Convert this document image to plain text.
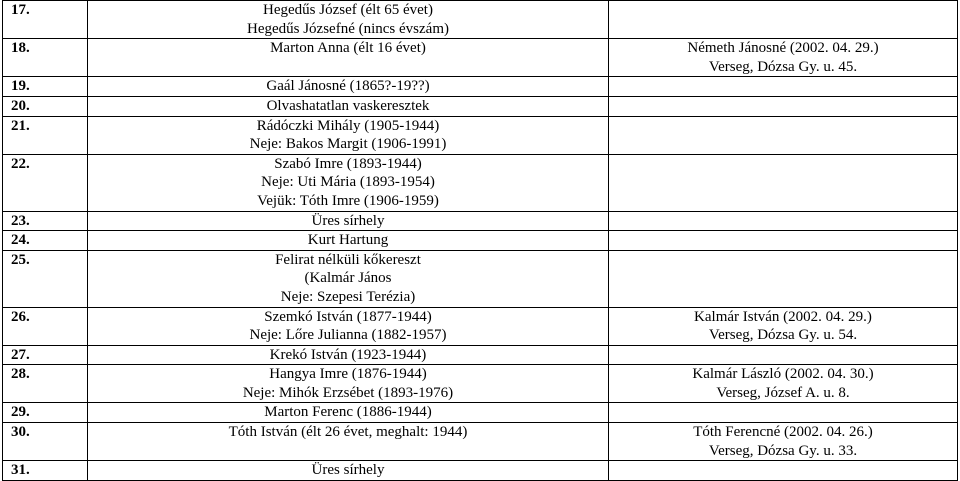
17.	Hegedűs József (élt 65 évet)
Hegedűs Józsefné (nincs évszám)	

18.	Marton Anna (élt 16 évet)	Németh Jánosné (2002. 04. 29.)
Verseg, Dózsa Gy. u. 45.

19.	Gaál Jánosné (1865?-19??)	

20.	Olvashatatlan vaskeresztek	

21.	Rádóczki Mihály (1905-1944)
Neje: Bakos Margit (1906-1991)	

22.	Szabó Imre (1893-1944)
Neje: Uti Mária (1893-1954)
Vejük: Tóth Imre (1906-1959)	

23.	Üres sírhely	

24.	Kurt Hartung	

25.	Felirat nélküli kőkereszt
(Kalmár János
Neje: Szepesi Terézia)	

26.	Szemkó István (1877-1944)
Neje: Lőre Julianna (1882-1957)	Kalmár István (2002. 04. 29.)
Verseg, Dózsa Gy. u. 54.

27.	Krekó István (1923-1944)	

28.	Hangya Imre (1876-1944)
Neje: Mihók Erzsébet (1893-1976)	Kalmár László (2002. 04. 30.)
Verseg, József A. u. 8.

29.	Marton Ferenc (1886-1944)	

30.	Tóth István (élt 26 évet, meghalt: 1944)	Tóth Ferencné (2002. 04. 26.)
Verseg, Dózsa Gy. u. 33.

31.	Üres sírhely	
